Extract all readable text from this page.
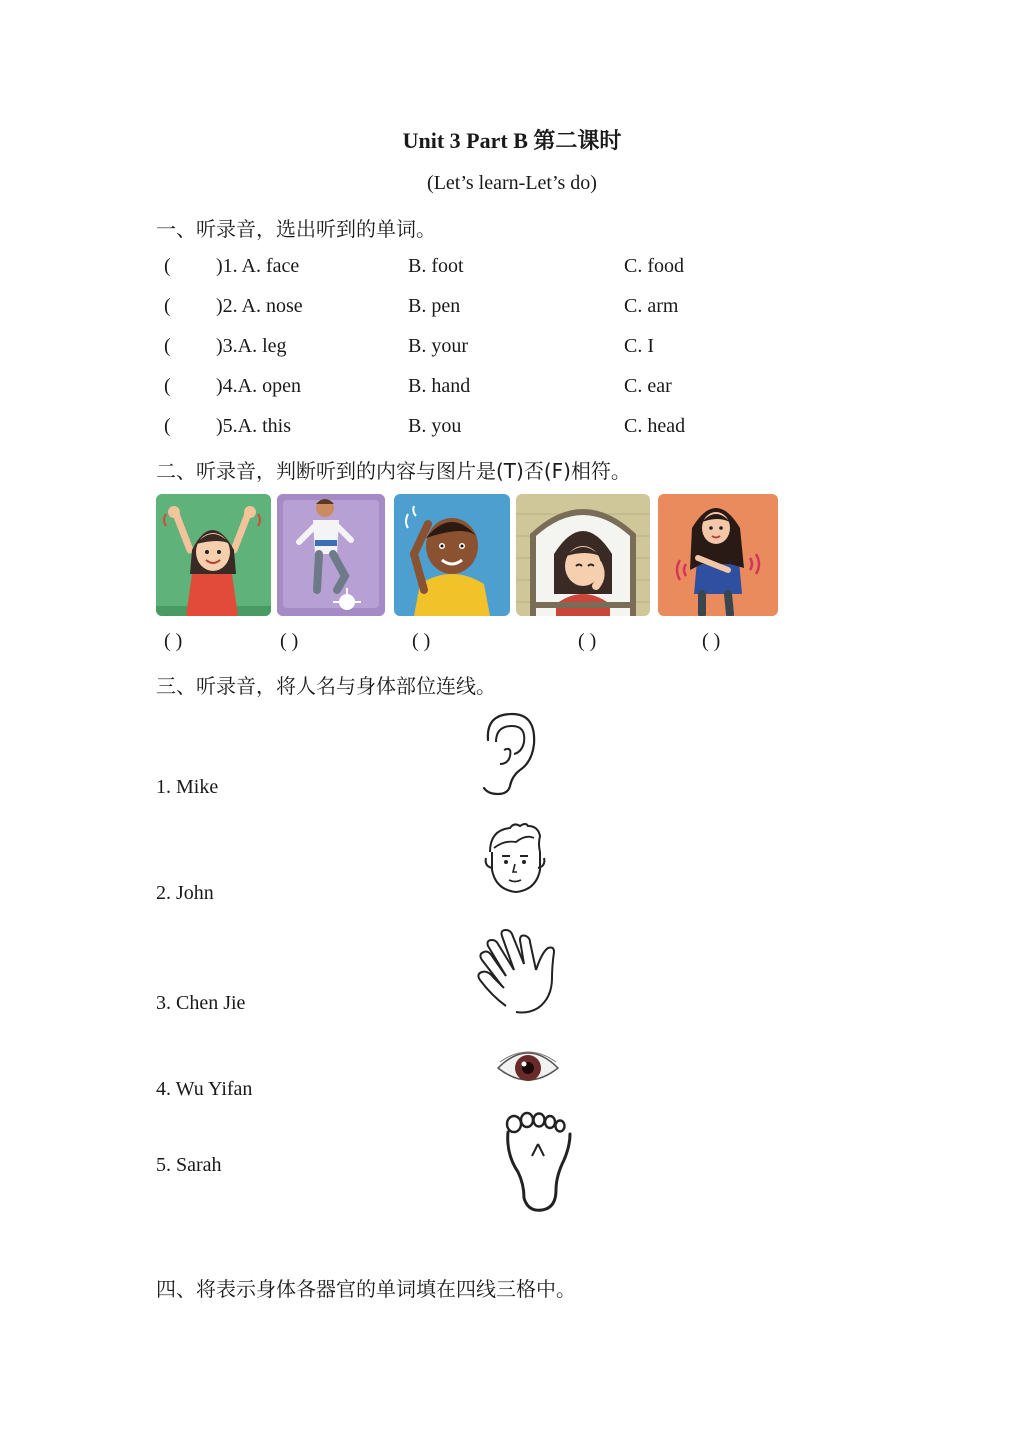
Unit 3 Part B 第二课时
(Let’s learn-Let’s do)
一、听录音，选出听到的单词。
( )1. A. face	B. foot	C. food
( )2. A. nose	B. pen	C. arm
( )3.A. leg	B. your	C. I
( )4.A. open	B. hand	C. ear
( )5.A. this	B. you	C. head
二、听录音，判断听到的内容与图片是(T)否(F)相符。
( )	( )	( )	( )	( )
三、听录音，将人名与身体部位连线。
1. Mike
2. John
3. Chen Jie
4. Wu Yifan
5. Sarah
四、将表示身体各器官的单词填在四线三格中。
